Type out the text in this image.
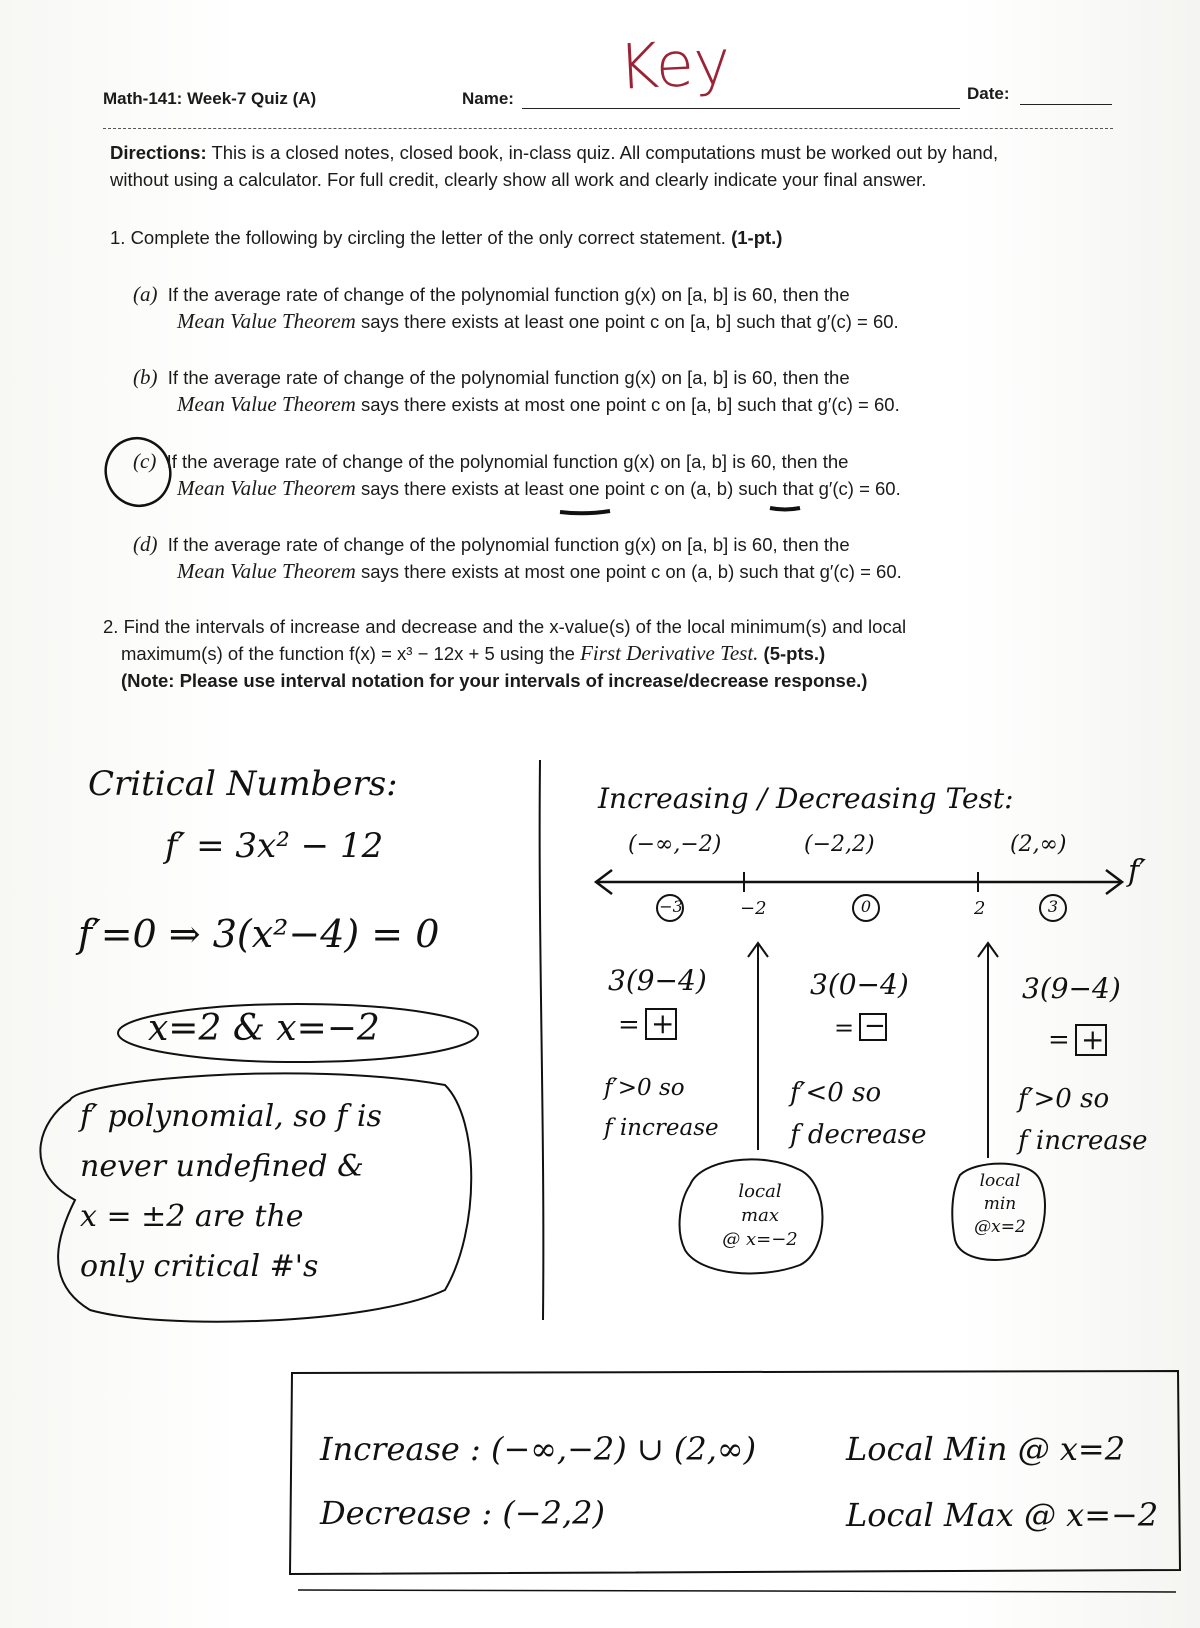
Math-141: Week-7 Quiz (A)	Name: Key	Date:
Directions: This is a closed notes, closed book, in-class quiz. All computations must be worked out by hand,
without using a calculator. For full credit, clearly show all work and clearly indicate your final answer.
1. Complete the following by circling the letter of the only correct statement. (1-pt.)
(a) If the average rate of change of the polynomial function g(x) on [a, b] is 60, then the
Mean Value Theorem says there exists at least one point c on [a, b] such that g′(c) = 60.
(b) If the average rate of change of the polynomial function g(x) on [a, b] is 60, then the
Mean Value Theorem says there exists at most one point c on [a, b] such that g′(c) = 60.
(c) If the average rate of change of the polynomial function g(x) on [a, b] is 60, then the
Mean Value Theorem says there exists at least one point c on (a, b) such that g′(c) = 60.
(d) If the average rate of change of the polynomial function g(x) on [a, b] is 60, then the
Mean Value Theorem says there exists at most one point c on (a, b) such that g′(c) = 60.
2. Find the intervals of increase and decrease and the x-value(s) of the local minimum(s) and local
maximum(s) of the function f(x) = x³ − 12x + 5 using the First Derivative Test. (5-pts.)
(Note: Please use interval notation for your intervals of increase/decrease response.)
Critical Numbers:
f′ = 3x² − 12
f′=0 ⇒ 3(x²−4) = 0
x=2 & x=−2
f′ polynomial, so f is
never undefined &
x = ±2 are the
only critical #'s
Increasing / Decreasing Test:
(−∞,−2)	(−2,2)	(2,∞)
f′
−2	2
−3	0	3
3(9−4)	3(0−4)	3(9−4)
= +	= −	= +
f′>0 so
f increase
f′<0 so
f decrease
f′>0 so
f increase
local
max
@ x=−2
local
min
@x=2
Increase : (−∞,−2) ∪ (2,∞)
Decrease : (−2,2)
Local Min @ x=2
Local Max @ x=−2
